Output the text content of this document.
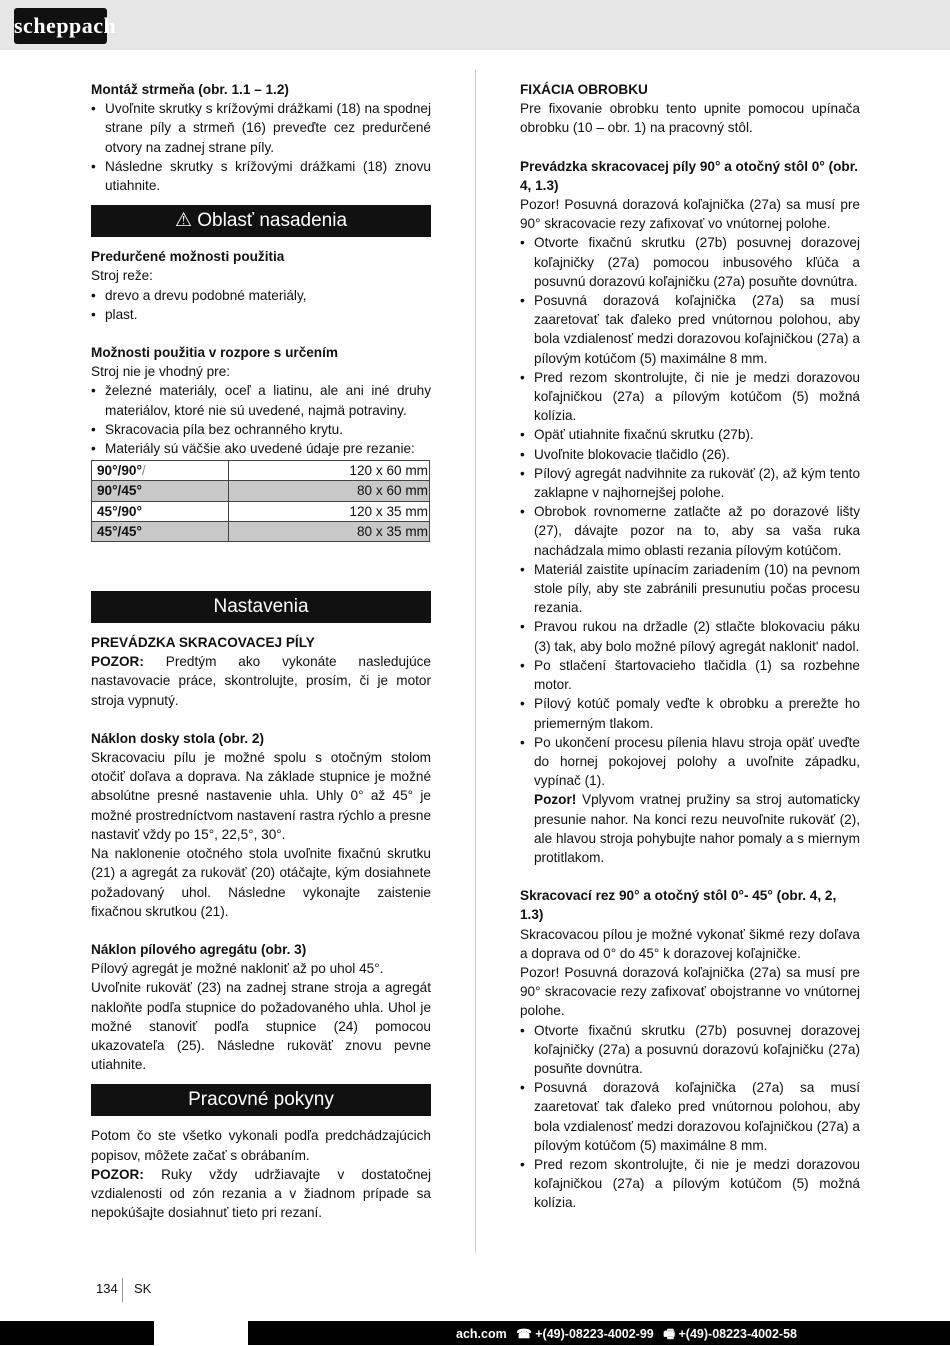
scheppach
Montáž strmeňa (obr. 1.1 – 1.2)
• Uvoľnite skrutky s krížovými drážkami (18) na spodnej strane píly a strmeň (16) preveďte cez predurčené otvory na zadnej strane píly.
• Následne skrutky s krížovými drážkami (18) znovu utiahnite.
⚠ Oblasť nasadenia
Predurčené možnosti použitia

Stroj reže:

• drevo a drevu podobné materiály,
• plast.
Možnosti použitia v rozpore s určením

Stroj nie je vhodný pre:

• železné materiály, oceľ a liatinu, ale ani iné druhy materiálov, ktoré nie sú uvedené, najmä potraviny.
• Skracovacia píla bez ochranného krytu.
• Materiály sú väčšie ako uvedené údaje pre rezanie:
90°/90°/	120 x 60 mm
90°/45°	80 x 60 mm
45°/90°	120 x 35 mm
45°/45°	80 x 35 mm
Nastavenia
PREVÁDZKA SKRACOVACEJ PÍLY

POZOR: Predtým ako vykonáte nasledujúce nastavovacie práce, skontrolujte, prosím, či je motor stroja vypnutý.

Náklon dosky stola (obr. 2)

Skracovaciu pílu je možné spolu s otočným stolom otočiť doľava a doprava. Na základe stupnice je možné absolútne presné nastavenie uhla. Uhly 0° až 45° je možné prostredníctvom nastavení rastra rýchlo a presne nastaviť vždy po 15°, 22,5°, 30°.

Na naklonenie otočného stola uvoľnite fixačnú skrutku (21) a agregát za rukoväť (20) otáčajte, kým dosiahnete požadovaný uhol. Následne vykonajte zaistenie fixačnou skrutkou (21).

Náklon pílového agregátu (obr. 3)

Pílový agregát je možné nakloniť až po uhol 45°.

Uvoľnite rukoväť (23) na zadnej strane stroja a agregát nakloňte podľa stupnice do požadovaného uhla. Uhol je možné stanoviť podľa stupnice (24) pomocou ukazovateľa (25). Následne rukoväť znovu pevne utiahnite.

Pracovné pokyny

Potom čo ste všetko vykonali podľa predchádzajúcich popisov, môžete začať s obrábaním.

POZOR: Ruky vždy udržiavajte v dostatočnej vzdialenosti od zón rezania a v žiadnom prípade sa nepokúšajte dosiahnuť tieto pri rezaní.

FIXÁCIA OBROBKU

Pre fixovanie obrobku tento upnite pomocou upínača obrobku (10 – obr. 1) na pracovný stôl.

Prevádzka skracovacej píly 90° a otočný stôl 0° (obr. 4, 1.3)

Pozor! Posuvná dorazová koľajnička (27a) sa musí pre 90° skracovacie rezy zafixovať vo vnútornej polohe.

• Otvorte fixačnú skrutku (27b) posuvnej dorazovej koľajničky (27a) pomocou inbusového kľúča a posuvnú dorazovú koľajničku (27a) posuňte dovnútra.
• Posuvná dorazová koľajnička (27a) sa musí zaaretovať tak ďaleko pred vnútornou polohou, aby bola vzdialenosť medzi dorazovou koľajničkou (27a) a pílovým kotúčom (5) maximálne 8 mm.
• Pred rezom skontrolujte, či nie je medzi dorazovou koľajničkou (27a) a pílovým kotúčom (5) možná kolízia.
• Opäť utiahnite fixačnú skrutku (27b).
• Uvoľnite blokovacie tlačidlo (26).
• Pílový agregát nadvihnite za rukoväť (2), až kým tento zaklapne v najhornejšej polohe.
• Obrobok rovnomerne zatlačte až po dorazové lišty (27), dávajte pozor na to, aby sa vaša ruka nachádzala mimo oblasti rezania pílovým kotúčom.
• Materiál zaistite upínacím zariadením (10) na pevnom stole píly, aby ste zabránili presunutiu počas procesu rezania.
• Pravou rukou na držadle (2) stlačte blokovaciu páku (3) tak, aby bolo možné pílový agregát naklonit' nadol.
• Po stlačení štartovacieho tlačidla (1) sa rozbehne motor.
• Pílový kotúč pomaly veďte k obrobku a prerežte ho priemerným tlakom.
• Po ukončení procesu pílenia hlavu stroja opäť uveďte do hornej pokojovej polohy a uvoľnite západku, vypínač (1).

Pozor! Vplyvom vratnej pružiny sa stroj automaticky presunie nahor. Na konci rezu neuvoľnite rukoväť (2), ale hlavou stroja pohybujte nahor pomaly a s miernym protitlakom.

Skracovací rez 90° a otočný stôl 0°- 45° (obr. 4, 2, 1.3)

Skracovacou pílou je možné vykonať šikmé rezy doľava a doprava od 0° do 45° k dorazovej koľajničke.

Pozor! Posuvná dorazová koľajnička (27a) sa musí pre 90° skracovacie rezy zafixovať obojstranne vo vnútornej polohe.

• Otvorte fixačnú skrutku (27b) posuvnej dorazovej koľajničky (27a) a posuvnú dorazovú koľajničku (27a) posuňte dovnútra.
• Posuvná dorazová koľajnička (27a) sa musí zaaretovať tak ďaleko pred vnútornou polohou, aby bola vzdialenosť medzi dorazovou koľajničkou (27a) a pílovým kotúčom (5) maximálne 8 mm.
• Pred rezom skontrolujte, či nie je medzi dorazovou koľajničkou (27a) a pílovým kotúčom (5) možná kolízia.
134 SK
ach.com ☎ +(49)-08223-4002-99 🖷 +(49)-08223-4002-58
